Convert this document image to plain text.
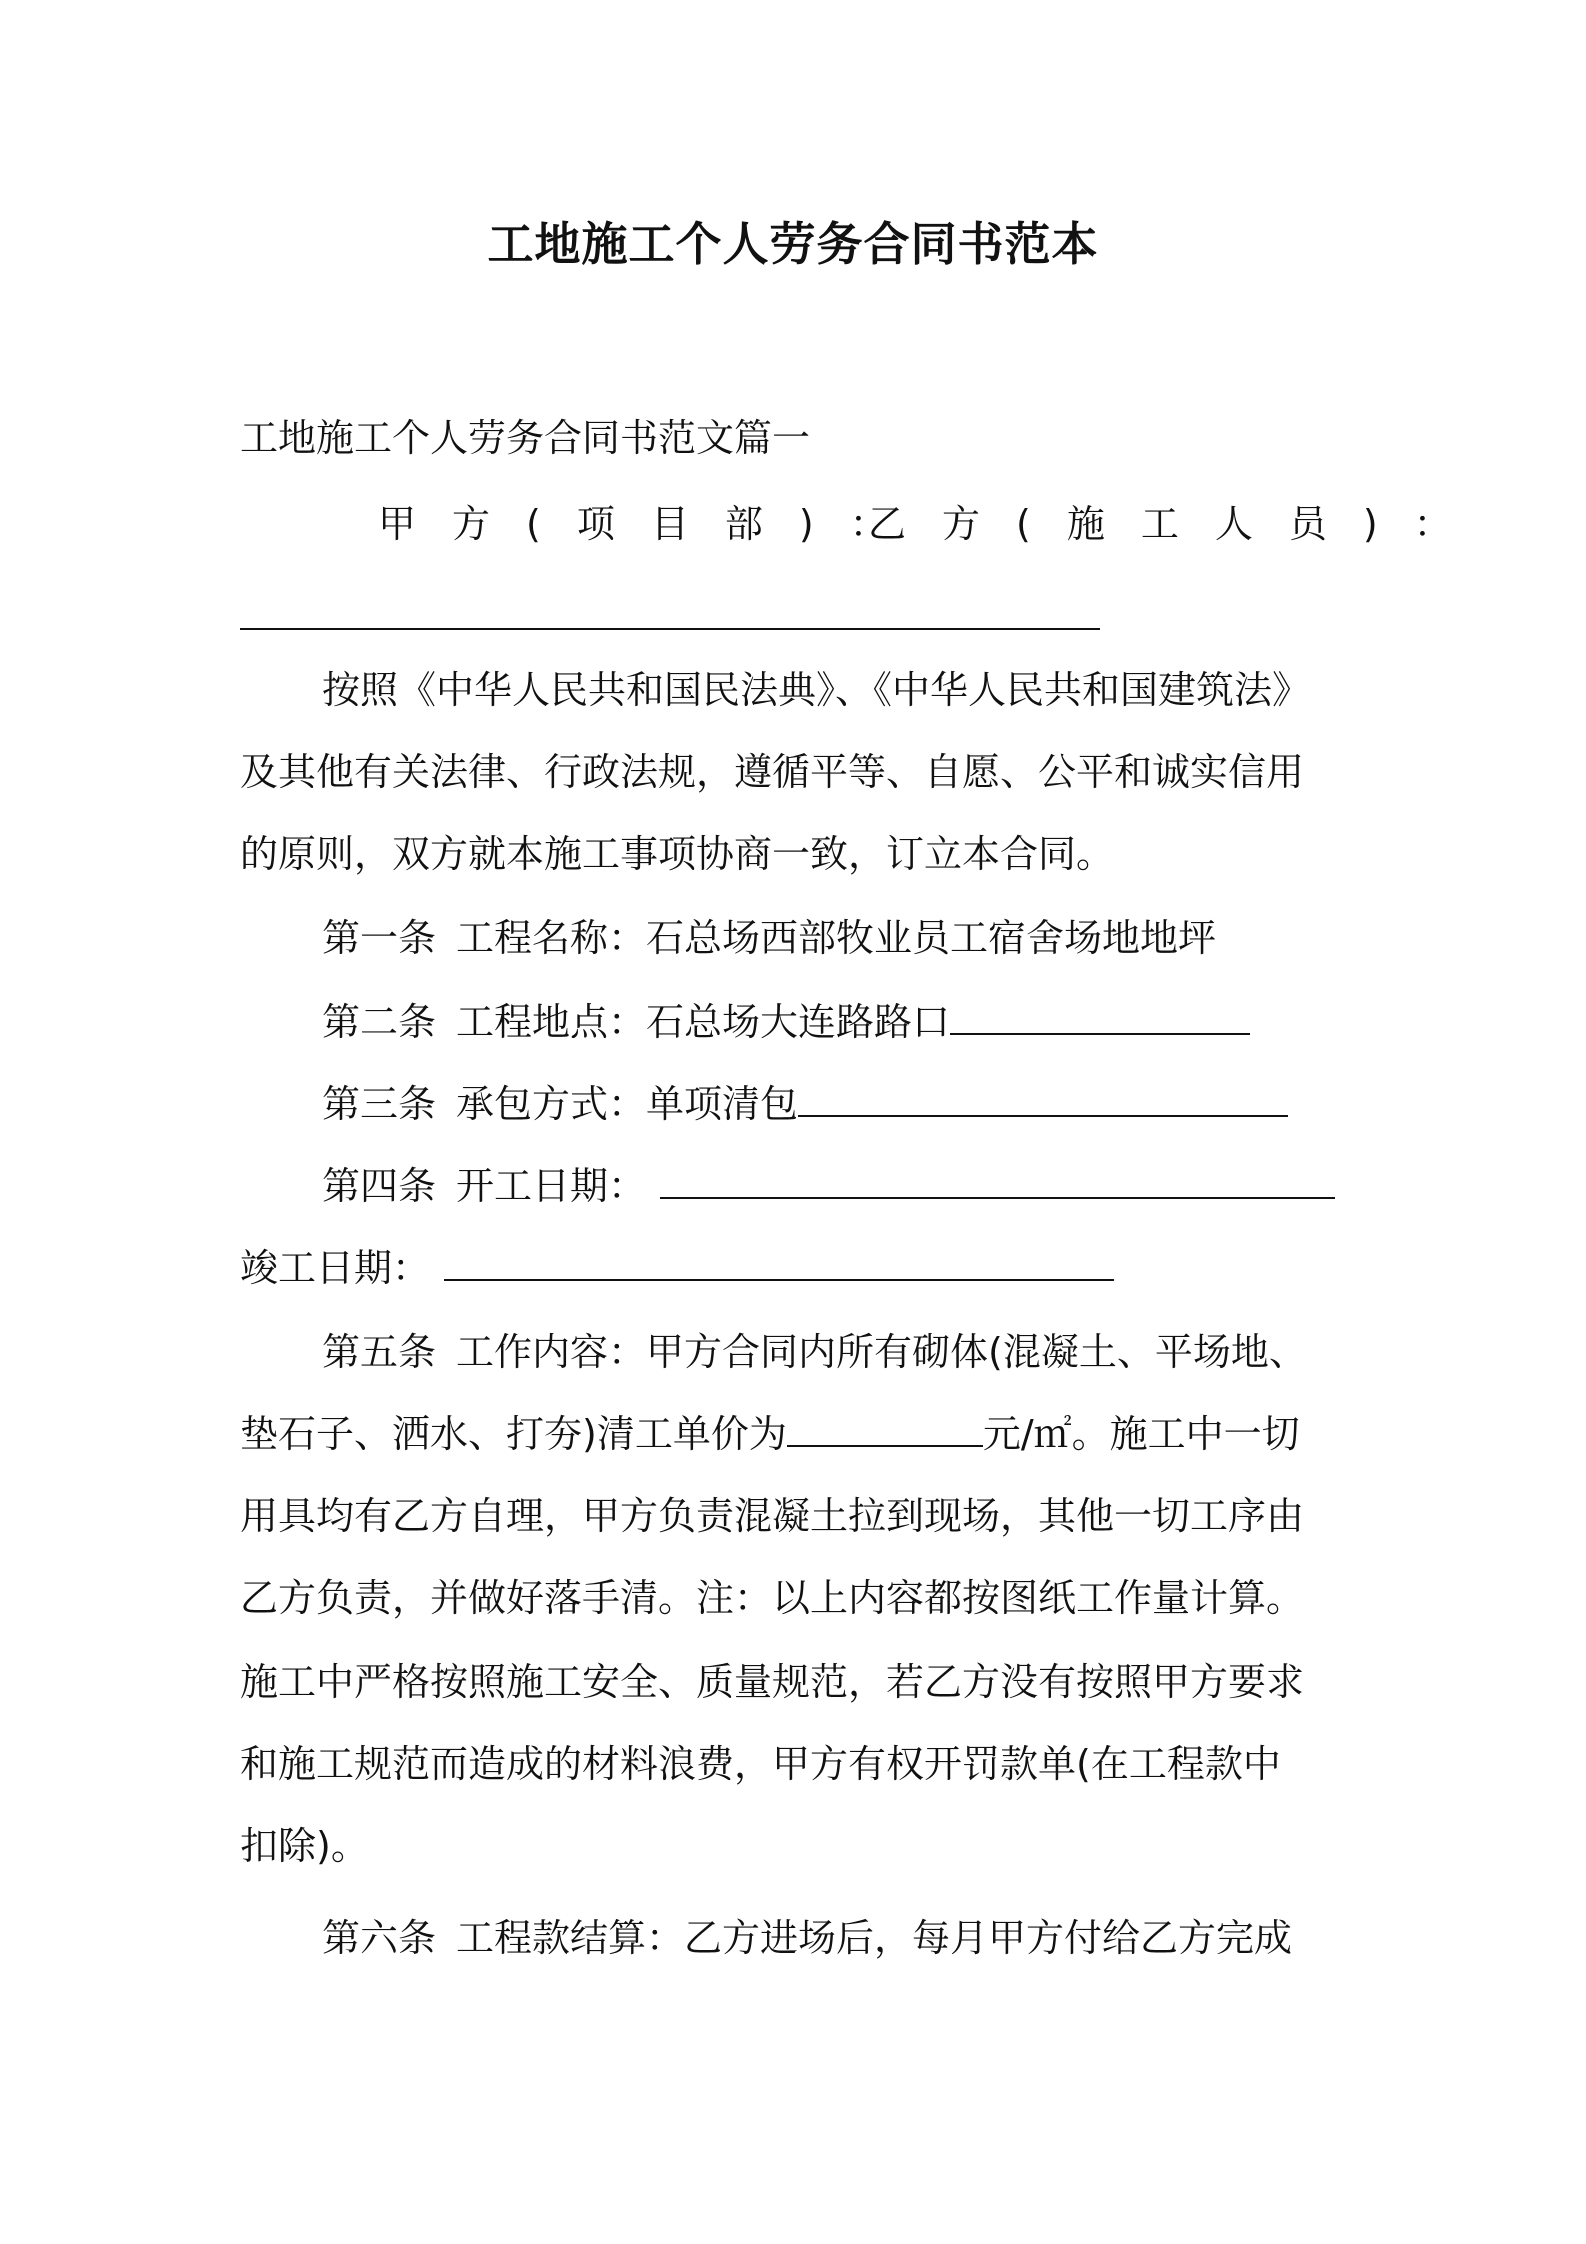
工地施工个人劳务合同书范本
工地施工个人劳务合同书范文篇一
甲方(项目部)：
乙方(施工人员)：
按照《中华人民共和国民法典》、《中华人民共和国建筑法》
及其他有关法律、行政法规，遵循平等、自愿、公平和诚实信用
的原则，双方就本施工事项协商一致，订立本合同。
第一条 工程名称：石总场西部牧业员工宿舍场地地坪
第二条 工程地点：石总场大连路路口
第三条 承包方式：单项清包
第四条 开工日期：
竣工日期：
第五条 工作内容：甲方合同内所有砌体(混凝土、平场地、
垫石子、洒水、打夯)清工单价为	元/㎡。施工中一切
用具均有乙方自理，甲方负责混凝土拉到现场，其他一切工序由
乙方负责，并做好落手清。注：以上内容都按图纸工作量计算。
施工中严格按照施工安全、质量规范，若乙方没有按照甲方要求
和施工规范而造成的材料浪费，甲方有权开罚款单(在工程款中
扣除)。
第六条 工程款结算：乙方进场后，每月甲方付给乙方完成
